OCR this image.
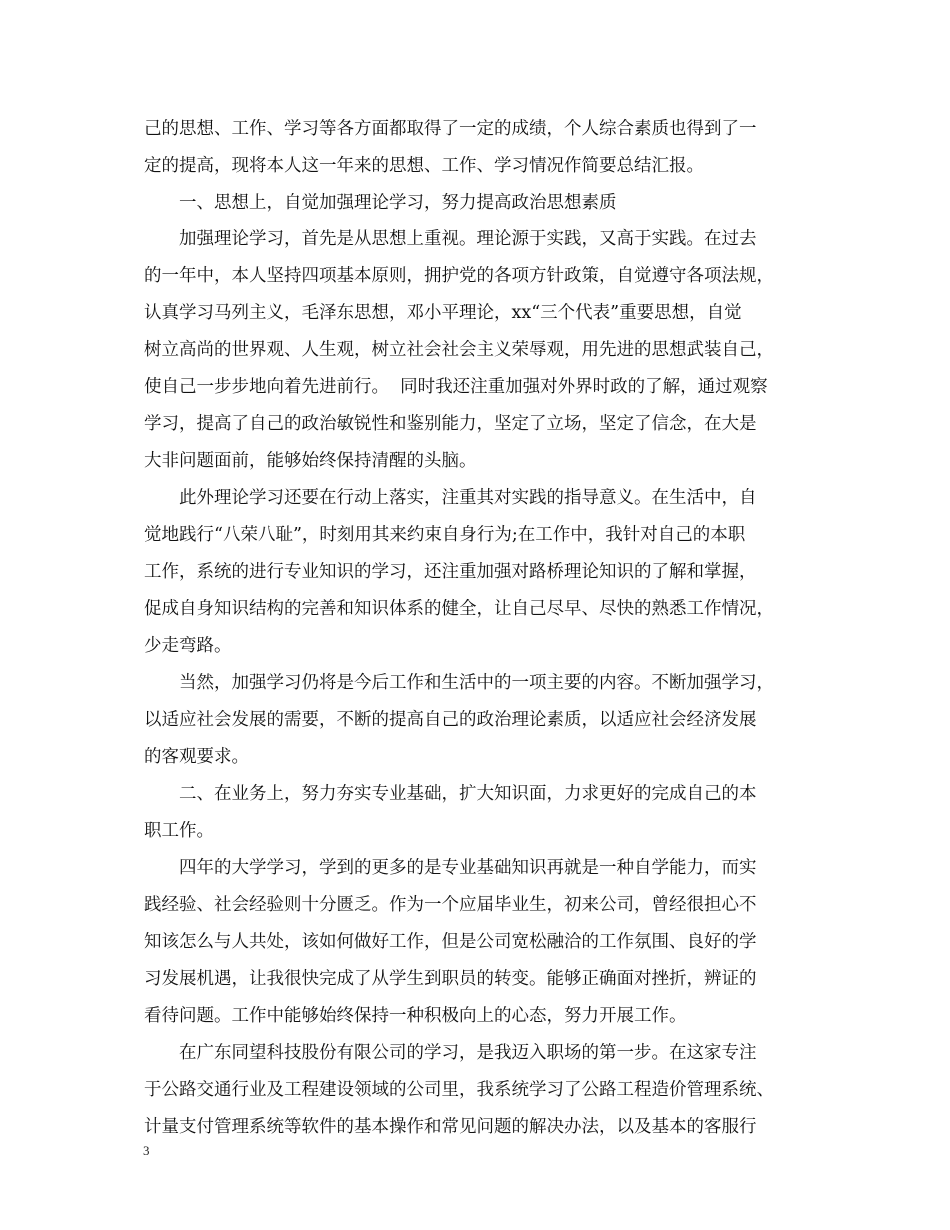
己的思想、工作、学习等各方面都取得了一定的成绩，个人综合素质也得到了一
定的提高，现将本人这一年来的思想、工作、学习情况作简要总结汇报。
一、思想上，自觉加强理论学习，努力提高政治思想素质
加强理论学习，首先是从思想上重视。理论源于实践，又高于实践。在过去
的一年中，本人坚持四项基本原则，拥护党的各项方针政策，自觉遵守各项法规，
认真学习马列主义，毛泽东思想，邓小平理论，xx“三个代表”重要思想，自觉
树立高尚的世界观、人生观，树立社会社会主义荣辱观，用先进的思想武装自己，
使自己一步步地向着先进前行。  同时我还注重加强对外界时政的了解，通过观察
学习，提高了自己的政治敏锐性和鉴别能力，坚定了立场，坚定了信念，在大是
大非问题面前，能够始终保持清醒的头脑。
此外理论学习还要在行动上落实，注重其对实践的指导意义。在生活中，自
觉地践行“八荣八耻”，时刻用其来约束自身行为;在工作中，我针对自己的本职
工作，系统的进行专业知识的学习，还注重加强对路桥理论知识的了解和掌握，
促成自身知识结构的完善和知识体系的健全，让自己尽早、尽快的熟悉工作情况，
少走弯路。
当然，加强学习仍将是今后工作和生活中的一项主要的内容。不断加强学习，
以适应社会发展的需要，不断的提高自己的政治理论素质，以适应社会经济发展
的客观要求。
二、在业务上，努力夯实专业基础，扩大知识面，力求更好的完成自己的本
职工作。
四年的大学学习，学到的更多的是专业基础知识再就是一种自学能力，而实
践经验、社会经验则十分匮乏。作为一个应届毕业生，初来公司，曾经很担心不
知该怎么与人共处，该如何做好工作，但是公司宽松融洽的工作氛围、良好的学
习发展机遇，让我很快完成了从学生到职员的转变。能够正确面对挫折，辨证的
看待问题。工作中能够始终保持一种积极向上的心态，努力开展工作。
在广东同望科技股份有限公司的学习，是我迈入职场的第一步。在这家专注
于公路交通行业及工程建设领域的公司里，我系统学习了公路工程造价管理系统、
计量支付管理系统等软件的基本操作和常见问题的解决办法，以及基本的客服行
3
